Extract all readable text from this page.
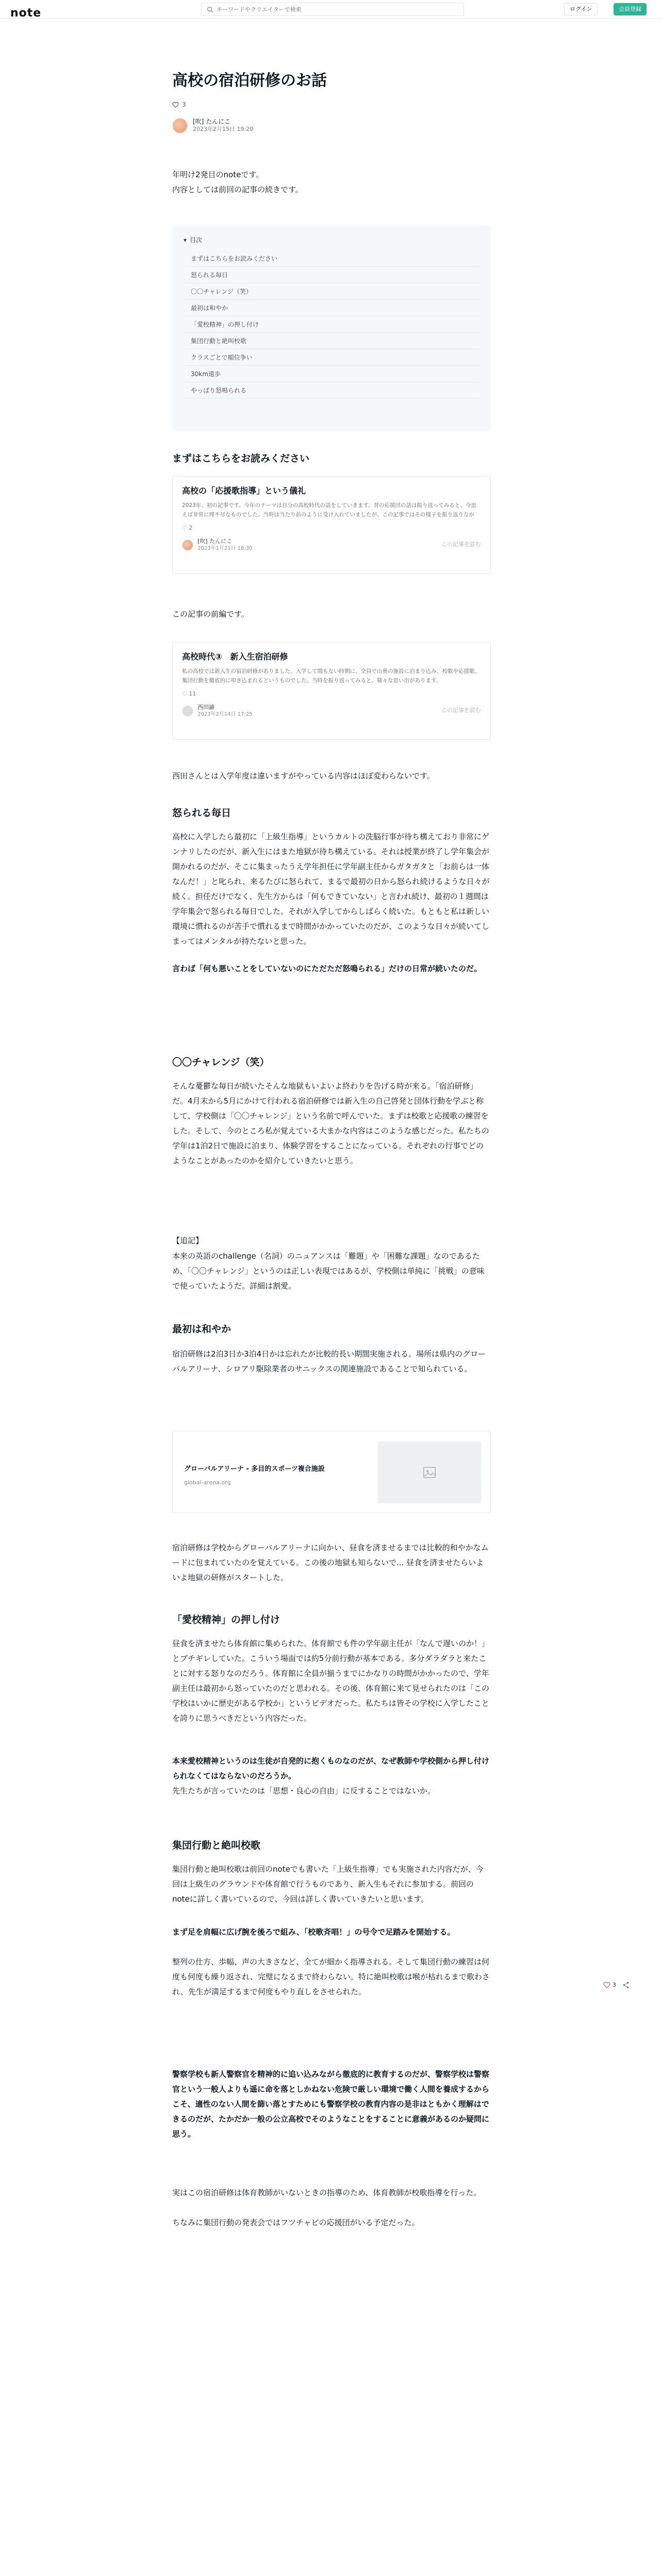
note
キーワードやクリエイターで検索	ログイン	会員登録
高校の宿泊研修のお話
3
[吹] たんにこ
2023年2月15日 19:20

年明け2発目のnoteです。

内容としては前回の記事の続きです。

▾ 目次
まずはこちらをお読みください
怒られる毎日
〇〇チャレンジ（笑）
最初は和やか
「愛校精神」の押し付け
集団行動と絶叫校歌
クラスごとで順位争い
30km遠歩
やっぱり怒嗚られる
まずはこちらをお読みください
高校の「応援歌指導」という儀礼
2023年、初の記事です。今年のテーマは自分の高校時代の話をしていきます。昔の応援団の話は振り返ってみると、今思えば非常に理不尽なものでした。当時は当たり前のように受け入れていましたが、この記事ではその様子を振り返りなが
♡ 2
[吹] たんにこ
2023年1月21日 18:30
この記事を読む

この記事の前編です。

高校時代③　新入生宿泊研修
私の高校では新入生の宿泊研修がありました。入学して間もない時期に、全員で山奥の施設に泊まり込み、校歌や応援歌、集団行動を徹底的に叩き込まれるというものでした。当時を振り返ってみると、様々な思い出があります。
♡ 11
西田諭
2023年2月14日 17:25
この記事を読む

西田さんとは入学年度は違いますがやっている内容はほぼ変わらないです。

怒られる毎日

高校に入学したら最初に「上級生指導」というカルトの洗脳行事が待ち構えており非常にゲンナリしたのだが、新入生にはまた地獄が待ち構えている。それは授業が終了し学年集会が開かれるのだが、そこに集まったうえ学年担任に学年副主任からガタガタと「お前らは一体なんだ！」と叱られ、来るたびに怒られて、まるで最初の日から怒られ続けるような日々が続く。担任だけでなく、先生方からは「何もできていない」と言われ続け、最初の１週間は学年集会で怒られる毎日でした。それが入学してからしばらく続いた。もともと私は新しい環境に慣れるのが苦手で慣れるまで時間がかかっていたのだが、このような日々が続いてしまってはメンタルが持たないと思った。

言わば「何も悪いことをしていないのにただただ怒鳴られる」だけの日常が続いたのだ。

〇〇チャレンジ（笑）

そんな憂鬱な毎日が続いたそんな地獄もいよいよ終わりを告げる時が来る。「宿泊研修」だ。4月末から5月にかけて行われる宿泊研修では新入生の自己啓発と団体行動を学ぶと称して、学校側は「〇〇チャレンジ」という名前で呼んでいた。まずは校歌と応援歌の練習をした。そして、今のところ私が覚えている大まかな内容はこのような感じだった。私たちの学年は1泊2日で施設に泊まり、体験学習をすることになっている。それぞれの行事でどのようなことがあったのかを紹介していきたいと思う。

【追記】

本来の英語のchallenge（名詞）のニュアンスは「難題」や「困難な課題」なのであるため、「〇〇チャレンジ」というのは正しい表現ではあるが、学校側は単純に「挑戦」の意味で使っていたようだ。詳細は割愛。

最初は和やか

宿泊研修は2泊3日か3泊4日かは忘れたが比較的長い期間実施される。場所は県内のグローバルアリーナ、シロアリ駆除業者のサニックスの関連施設であることで知られている。

グローバルアリーナ - 多目的スポーツ複合施設
global-arena.org

宿泊研修は学校からグローバルアリーナに向かい、昼食を済ませるまでは比較的和やかなムードに包まれていたのを覚えている。この後の地獄も知らないで... 昼食を済ませたらいよいよ地獄の研修がスタートした。

「愛校精神」の押し付け

昼食を済ませたら体育館に集められた。体育館でも件の学年副主任が「なんで遅いのか！」とブチギレしていた。こういう場面では約5分前行動が基本である。多分ダラダラと来たことに対する怒りなのだろう。体育館に全員が揃うまでにかなりの時間がかかったので、学年副主任は最初から怒っていたのだと思われる。その後、体育館に来て見せられたのは「この学校はいかに歴史がある学校か」というビデオだった。私たちは皆その学校に入学したことを誇りに思うべきだという内容だった。

本来愛校精神というのは生徒が自発的に抱くものなのだが、なぜ教師や学校側から押し付けられなくてはならないのだろうか。

先生たちが言っていたのは「思想・良心の自由」に反することではないか。

集団行動と絶叫校歌

集団行動と絶叫校歌は前回のnoteでも書いた「上級生指導」でも実施された内容だが、今回は上級生のグラウンドや体育館で行うものであり、新入生もそれに参加する。前回のnoteに詳しく書いているので、今回は詳しく書いていきたいと思います。

まず足を肩幅に広げ腕を後ろで組み、「校歌斉唱！」の号令で足踏みを開始する。

整列の仕方、歩幅、声の大きさなど、全てが細かく指導される。そして集団行動の練習は何度も何度も繰り返され、完璧になるまで終わらない。特に絶叫校歌は喉が枯れるまで歌わされ、先生が満足するまで何度もやり直しをさせられた。

警察学校も新人警察官を精神的に追い込みながら徹底的に教育するのだが、警察学校は警察官という一般人よりも遥に命を落としかねない危険で厳しい環境で働く人間を養成するからこそ、適性のない人間を篩い落とすためにも警察学校の教育内容の是非はともかく理解はできるのだが、たかだか一般の公立高校でそのようなことをすることに意義があるのか疑問に思う。

実はこの宿泊研修は体育教師がいないときの指導のため、体育教師が校歌指導を行った。

ちなみに集団行動の発表会ではフツチャビの応援団がいる予定だった。

3
